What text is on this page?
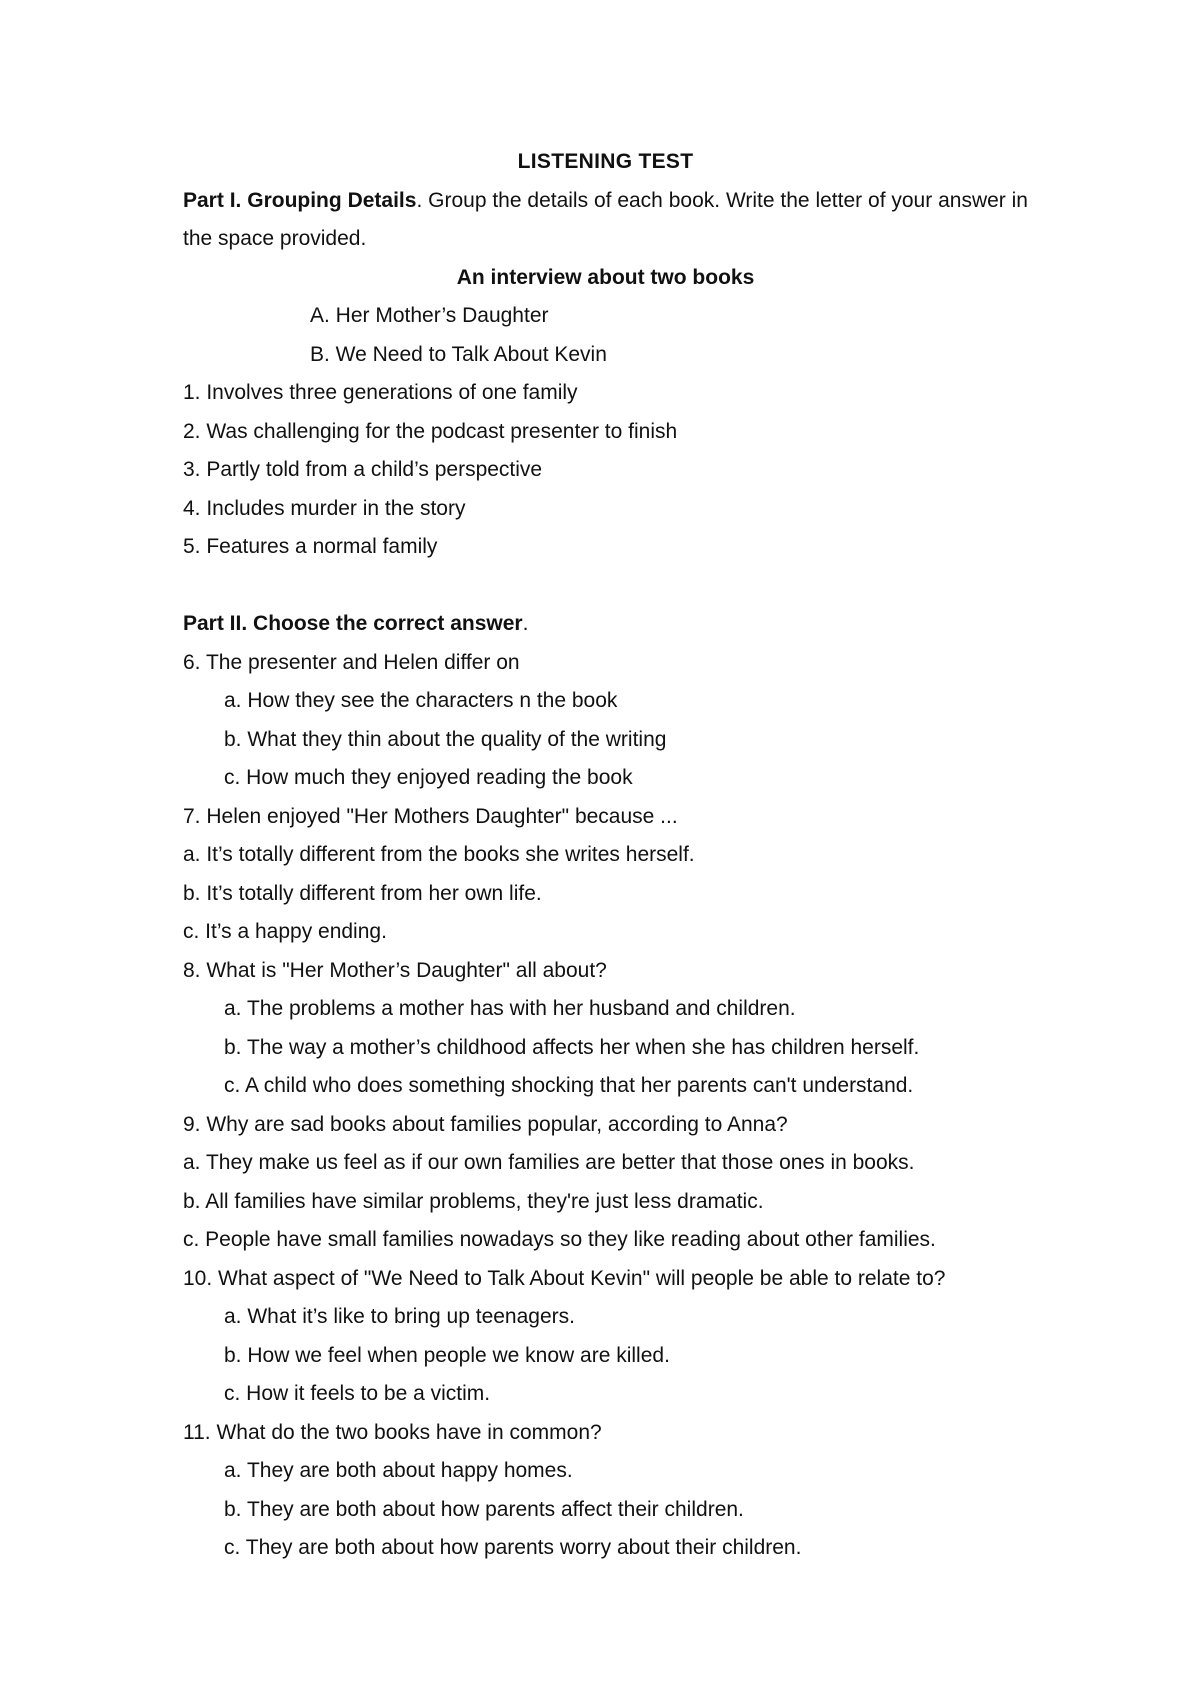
LISTENING TEST
Part I. Grouping Details. Group the details of each book. Write the letter of your answer in the space provided.
An interview about two books
A. Her Mother’s Daughter
B. We Need to Talk About Kevin
1. Involves three generations of one family
2. Was challenging for the podcast presenter to finish
3. Partly told from a child’s perspective
4. Includes murder in the story
5. Features a normal family
Part II. Choose the correct answer.
6. The presenter and Helen differ on
a. How they see the characters n the book
b. What they thin about the quality of the writing
c. How much they enjoyed reading the book
7. Helen enjoyed "Her Mothers Daughter" because ...
a. It’s totally different from the books she writes herself.
b. It’s totally different from her own life.
c. It’s a happy ending.
8. What is "Her Mother’s Daughter" all about?
a. The problems a mother has with her husband and children.
b. The way a mother’s childhood affects her when she has children herself.
c. A child who does something shocking that her parents can't understand.
9. Why are sad books about families popular, according to Anna?
a. They make us feel as if our own families are better that those ones in books.
b. All families have similar problems, they're just less dramatic.
c. People have small families nowadays so they like reading about other families.
10. What aspect of "We Need to Talk About Kevin" will people be able to relate to?
a. What it’s like to bring up teenagers.
b. How we feel when people we know are killed.
c. How it feels to be a victim.
11. What do the two books have in common?
a. They are both about happy homes.
b. They are both about how parents affect their children.
c. They are both about how parents worry about their children.
